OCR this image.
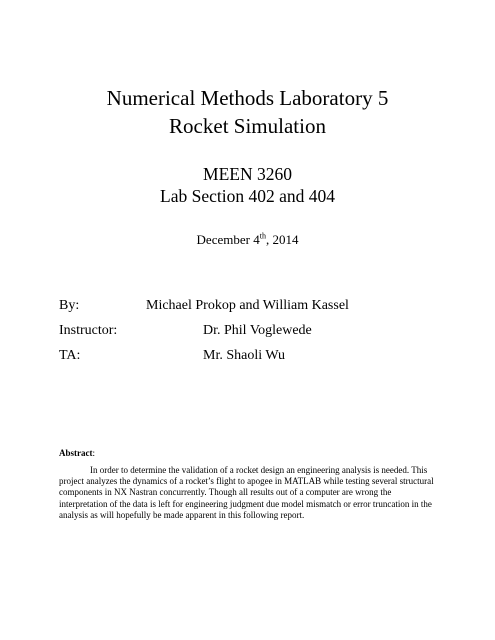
Numerical Methods Laboratory 5
Rocket Simulation

MEEN 3260

Lab Section 402 and 404

December 4th, 2014
By:	Michael Prokop and William Kassel
Instructor:	Dr. Phil Voglewede
TA:	Mr. Shaoli Wu
Abstract:

In order to determine the validation of a rocket design an engineering analysis is needed. This project analyzes the dynamics of a rocket’s flight to apogee in MATLAB while testing several structural components in NX Nastran concurrently. Though all results out of a computer are wrong the interpretation of the data is left for engineering judgment due model mismatch or error truncation in the analysis as will hopefully be made apparent in this following report.
